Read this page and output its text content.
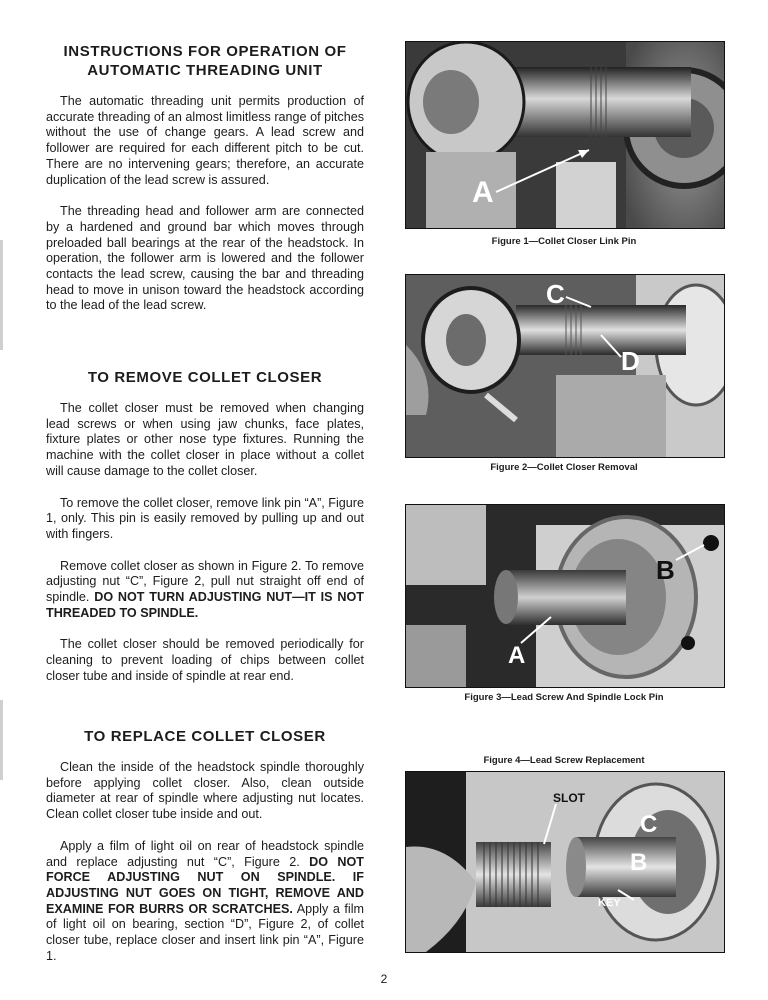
INSTRUCTIONS FOR OPERATION OF
AUTOMATIC THREADING UNIT

The automatic threading unit permits production of accurate threading of an almost limitless range of pitches without the use of change gears. A lead screw and follower are required for each different pitch to be cut. There are no intervening gears; therefore, an accurate duplication of the lead screw is assured.

The threading head and follower arm are connected by a hardened and ground bar which moves through preloaded ball bearings at the rear of the headstock. In operation, the follower arm is lowered and the follower contacts the lead screw, causing the bar and threading head to move in unison toward the headstock according to the lead of the lead screw.

TO REMOVE COLLET CLOSER

The collet closer must be removed when changing lead screws or when using jaw chunks, face plates, fixture plates or other nose type fixtures. Running the machine with the collet closer in place without a collet will cause damage to the collet closer.

To remove the collet closer, remove link pin “A”, Figure 1, only. This pin is easily removed by pulling up and out with fingers.

Remove collet closer as shown in Figure 2. To remove adjusting nut “C”, Figure 2, pull nut straight off end of spindle. DO NOT TURN ADJUSTING NUT—IT IS NOT THREADED TO SPINDLE.

The collet closer should be removed periodically for cleaning to prevent loading of chips between collet closer tube and inside of spindle at rear end.

TO REPLACE COLLET CLOSER

Clean the inside of the headstock spindle thoroughly before applying collet closer. Also, clean outside diameter at rear of spindle where adjusting nut locates. Clean collet closer tube inside and out.

Apply a film of light oil on rear of headstock spindle and replace adjusting nut “C”, Figure 2. DO NOT FORCE ADJUSTING NUT ON SPINDLE. IF ADJUSTING NUT GOES ON TIGHT, REMOVE AND EXAMINE FOR BURRS OR SCRATCHES. Apply a film of light oil on bearing, section “D”, Figure 2, of collet closer tube, replace closer and insert link pin “A”, Figure 1.

A
Figure 1—Collet Closer Link Pin
C
D
Figure 2—Collet Closer Removal
A
B
Figure 3—Lead Screw And Spindle Lock Pin
Figure 4—Lead Screw Replacement
SLOT
C
B
KEY
2
